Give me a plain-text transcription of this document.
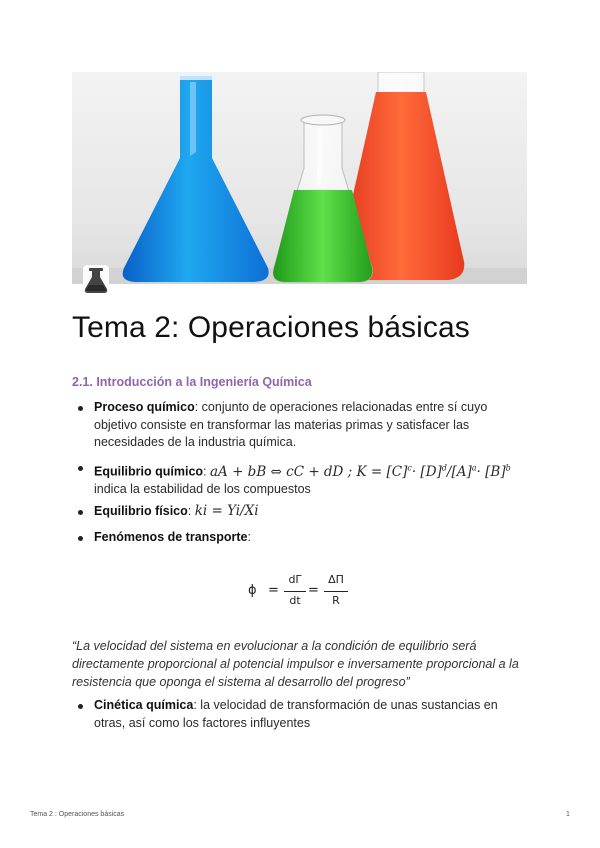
Tema 2: Operaciones básicas
2.1. Introducción a la Ingeniería Química
Proceso químico: conjunto de operaciones relacionadas entre sí cuyo objetivo consiste en transformar las materias primas y satisfacer las necesidades de la industria química.
Equilibrio químico: aA + bB ⇔ cC + dD ; $K = [C]^c\cdot [D]^d/[A]^a\cdot [B]^b$
indica la estabilidad de los compuestos
Equilibrio físico: ki = Yi/Xi
Fenómenos de transporte:
ϕ =
dΓ
dt
=
ΔΠ
R

“La velocidad del sistema en evolucionar a la condición de equilibrio será directamente proporcional al potencial impulsor e inversamente proporcional a la resistencia que oponga el sistema al desarrollo del progreso”

Cinética química: la velocidad de transformación de unas sustancias en otras, así como los factores influyentes
Tema 2 : Operaciones básicas	1
